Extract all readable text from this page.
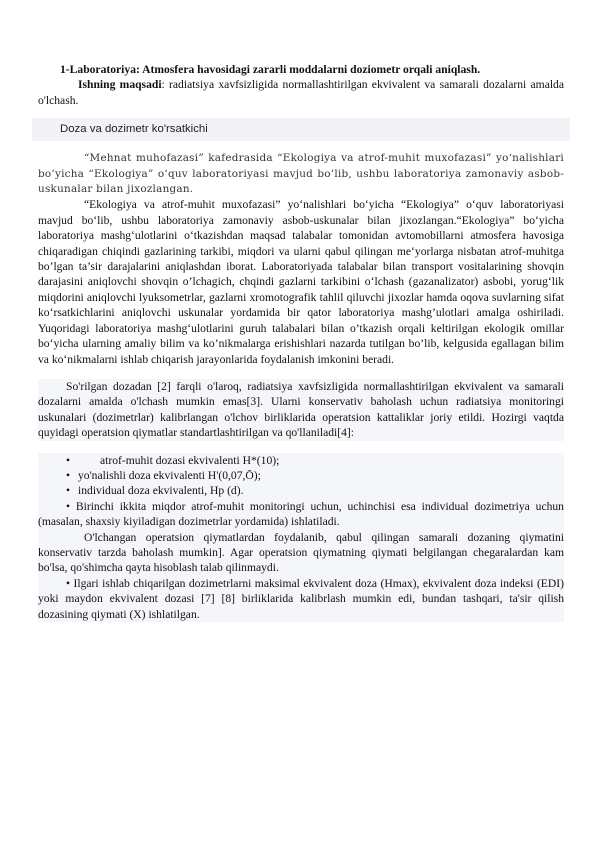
1-Laboratoriya: Atmosfera havosidagi zararli moddalarni doziometr orqali aniqlash.

Ishning maqsadi: radiatsiya xavfsizligida normallashtirilgan ekvivalent va samarali dozalarni amalda o'lchash.

Doza va dozimetr ko'rsatkichi

“Mehnat muhofazasi” kafedrasida “Ekologiya va atrof-muhit muxofazasi” yo‘nalishlari bo‘yicha “Ekologiya” o‘quv laboratoriyasi mavjud bo‘lib, ushbu laboratoriya zamonaviy asbob-uskunalar bilan jixozlangan.

“Ekologiya va atrof-muhit muxofazasi” yo‘nalishlari bo‘yicha “Ekologiya” o‘quv laboratoriyasi mavjud bo‘lib, ushbu laboratoriya zamonaviy asbob-uskunalar bilan jixozlangan.“Ekologiya” bo‘yicha laboratoriya mashg‘ulotlarini o‘tkazishdan maqsad talabalar tomonidan avtomobillarni atmosfera havosiga chiqaradigan chiqindi gazlarining tarkibi, miqdori va ularni qabul qilingan me‘yorlarga nisbatan atrof-muhitga bo’lgan ta’sir darajalarini aniqlashdan iborat. Laboratoriyada talabalar bilan transport vositalarining shovqin darajasini aniqlovchi shovqin o’lchagich, chqindi gazlarni tarkibini o‘lchash (gazanalizator) asbobi, yorug‘lik miqdorini aniqlovchi lyuksometrlar, gazlarni xromotografik tahlil qiluvchi jixozlar hamda oqova suvlarning sifat ko‘rsatkichlarini aniqlovchi uskunalar yordamida bir qator laboratoriya mashg’ulotlari amalga oshiriladi. Yuqoridagi laboratoriya mashg‘ulotlarini guruh talabalari bilan o’tkazish orqali keltirilgan ekologik omillar bo‘yicha ularning amaliy bilim va ko’nikmalarga erishishlari nazarda tutilgan bo’lib, kelgusida egallagan bilim va ko‘nikmalarni ishlab chiqarish jarayonlarida foydalanish imkonini beradi.

So'rilgan dozadan [2] farqli o'laroq, radiatsiya xavfsizligida normallashtirilgan ekvivalent va samarali dozalarni amalda o'lchash mumkin emas[3]. Ularni konservativ baholash uchun radiatsiya monitoringi uskunalari (dozimetrlar) kalibrlangan o'lchov birliklarida operatsion kattaliklar joriy etildi. Hozirgi vaqtda quyidagi operatsion qiymatlar standartlashtirilgan va qo'llaniladi[4]:

•	atrof-muhit dozasi ekvivalenti H*(10);
• yo'nalishli doza ekvivalenti H'(0,07,Ō);
• individual doza ekvivalenti, Hp (d).

• Birinchi ikkita miqdor atrof-muhit monitoringi uchun, uchinchisi esa individual dozimetriya uchun (masalan, shaxsiy kiyiladigan dozimetrlar yordamida) ishlatiladi.

O'lchangan operatsion qiymatlardan foydalanib, qabul qilingan samarali dozaning qiymatini konservativ tarzda baholash mumkin]. Agar operatsion qiymatning qiymati belgilangan chegaralardan kam bo'lsa, qo'shimcha qayta hisoblash talab qilinmaydi.

• Ilgari ishlab chiqarilgan dozimetrlarni maksimal ekvivalent doza (Hmax), ekvivalent doza indeksi (EDI) yoki maydon ekvivalent dozasi [7] [8] birliklarida kalibrlash mumkin edi, bundan tashqari, ta'sir qilish dozasining qiymati (X) ishlatilgan.
